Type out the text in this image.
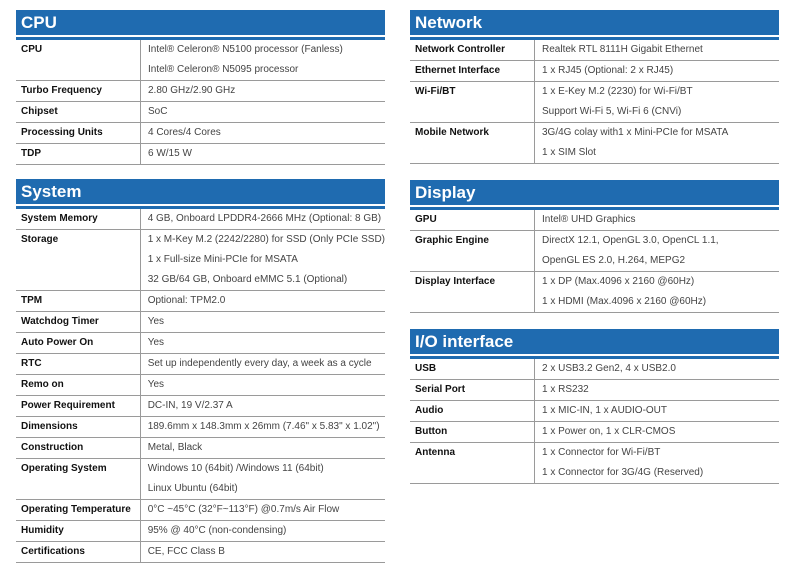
CPU
CPU	Intel® Celeron® N5100 processor (Fanless)
Intel® Celeron® N5095 processor

Turbo Frequency	2.80 GHz/2.90 GHz

Chipset	SoC

Processing Units	4 Cores/4 Cores

TDP	6 W/15 W
System
System Memory	4 GB, Onboard LPDDR4-2666 MHz (Optional: 8 GB)

Storage	1 x M-Key M.2 (2242/2280) for SSD (Only PCIe SSD)
1 x Full-size Mini-PCIe for MSATA
32 GB/64 GB, Onboard eMMC 5.1 (Optional)

TPM	Optional: TPM2.0

Watchdog Timer	Yes

Auto Power On	Yes

RTC	Set up independently every day, a week as a cycle

Remo on	Yes

Power Requirement	DC-IN, 19 V/2.37 A

Dimensions	189.6mm x 148.3mm x 26mm (7.46" x 5.83" x 1.02")

Construction	Metal, Black

Operating System	Windows 10 (64bit) /Windows 11 (64bit)
Linux Ubuntu (64bit)

Operating Temperature	0°C ~45°C (32°F~113°F) @0.7m/s Air Flow

Humidity	95% @ 40°C (non-condensing)

Certifications	CE, FCC Class B
Network
Network Controller	Realtek RTL 8111H Gigabit Ethernet

Ethernet Interface	1 x RJ45 (Optional: 2 x RJ45)

Wi-Fi/BT	1 x E-Key M.2 (2230) for Wi-Fi/BT
Support Wi-Fi 5, Wi-Fi 6 (CNVi)

Mobile Network	3G/4G colay with1 x Mini-PCIe for MSATA
1 x SIM Slot
Display
GPU	Intel® UHD Graphics

Graphic Engine	DirectX 12.1, OpenGL 3.0, OpenCL 1.1,
OpenGL ES 2.0, H.264, MEPG2

Display Interface	1 x DP (Max.4096 x 2160 @60Hz)
1 x HDMI (Max.4096 x 2160 @60Hz)
I/O interface
USB	2 x USB3.2 Gen2, 4 x USB2.0

Serial Port	1 x RS232

Audio	1 x MIC-IN, 1 x AUDIO-OUT

Button	1 x Power on, 1 x CLR-CMOS

Antenna	1 x Connector for Wi-Fi/BT
1 x Connector for 3G/4G (Reserved)
